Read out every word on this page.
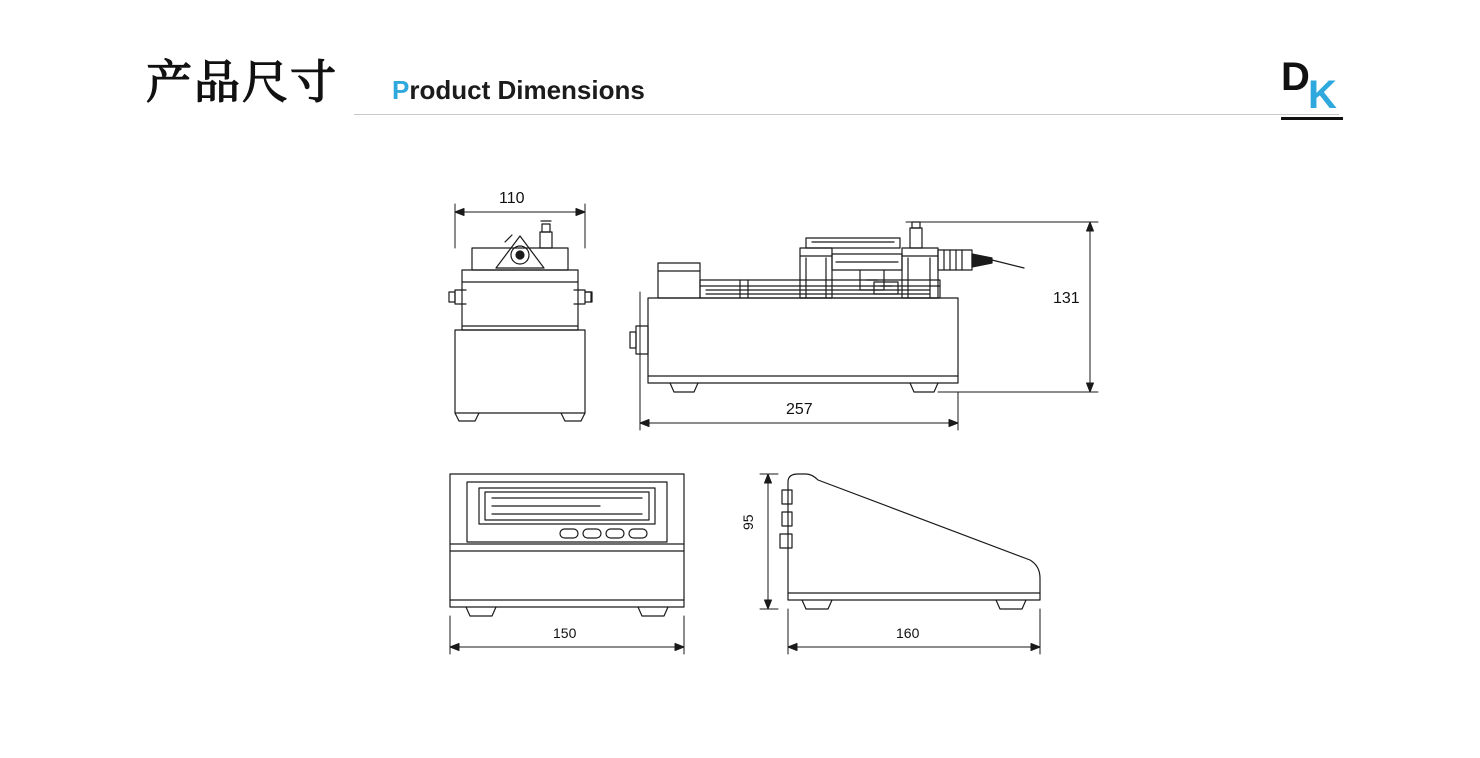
产品尺寸 Product Dimensions	D
K
110
257
131
150	160
95
